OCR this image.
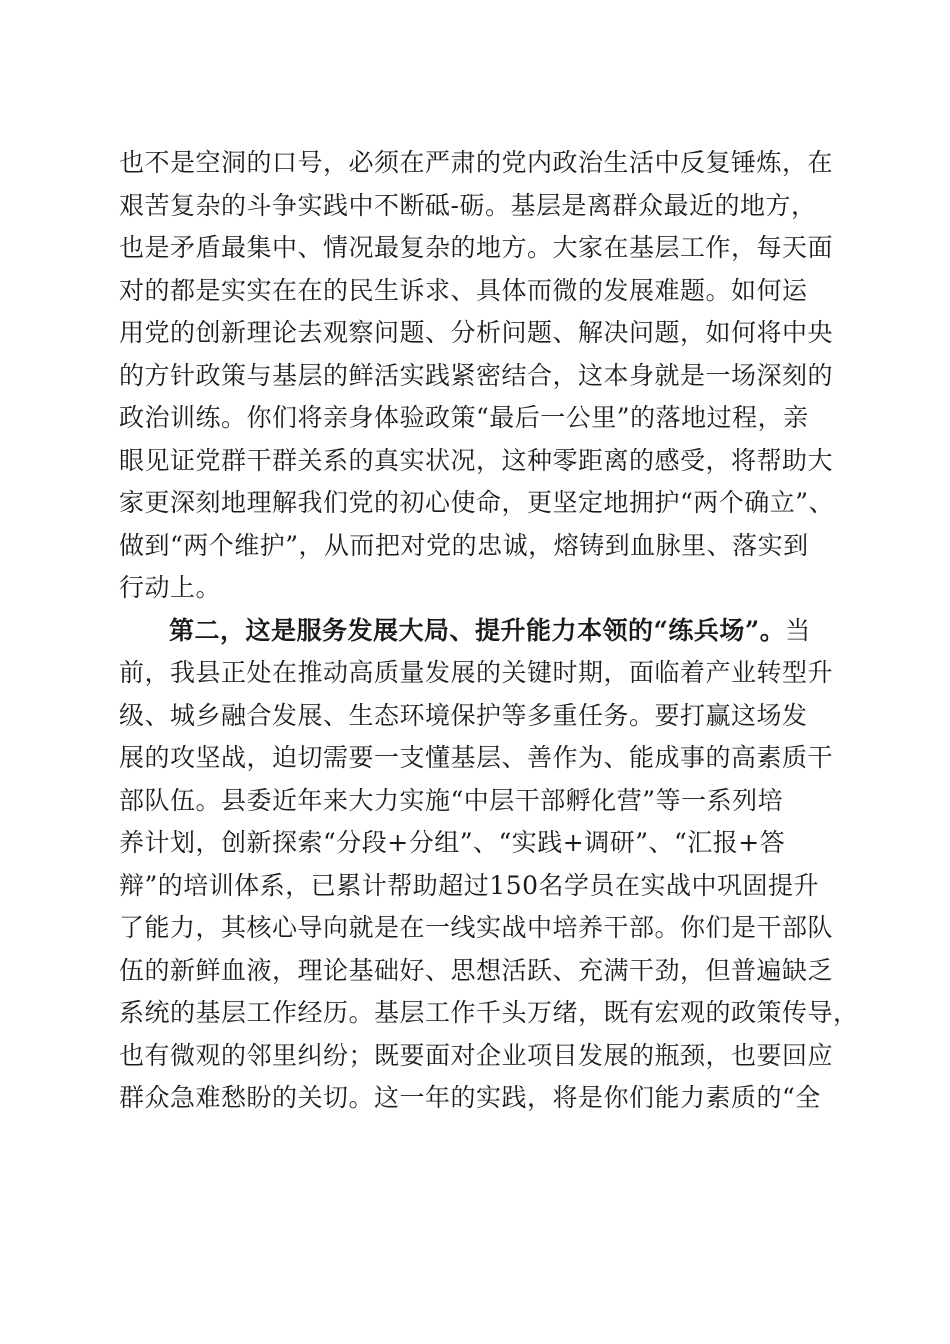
也不是空洞的口号，必须在严肃的党内政治生活中反复锤炼，在
艰苦复杂的斗争实践中不断砥-砺。基层是离群众最近的地方，
也是矛盾最集中、情况最复杂的地方。大家在基层工作，每天面
对的都是实实在在的民生诉求、具体而微的发展难题。如何运
用党的创新理论去观察问题、分析问题、解决问题，如何将中央
的方针政策与基层的鲜活实践紧密结合，这本身就是一场深刻的
政治训练。你们将亲身体验政策“最后一公里”的落地过程，亲
眼见证党群干群关系的真实状况，这种零距离的感受，将帮助大
家更深刻地理解我们党的初心使命，更坚定地拥护“两个确立”、
做到“两个维护”，从而把对党的忠诚，熔铸到血脉里、落实到
行动上。
第二，这是服务发展大局、提升能力本领的“练兵场”。当
前，我县正处在推动高质量发展的关键时期，面临着产业转型升
级、城乡融合发展、生态环境保护等多重任务。要打赢这场发
展的攻坚战，迫切需要一支懂基层、善作为、能成事的高素质干
部队伍。县委近年来大力实施“中层干部孵化营”等一系列培
养计划，创新探索“分段+分组”、“实践+调研”、“汇报+答
辩”的培训体系，已累计帮助超过150名学员在实战中巩固提升
了能力，其核心导向就是在一线实战中培养干部。你们是干部队
伍的新鲜血液，理论基础好、思想活跃、充满干劲，但普遍缺乏
系统的基层工作经历。基层工作千头万绪，既有宏观的政策传导，
也有微观的邻里纠纷；既要面对企业项目发展的瓶颈，也要回应
群众急难愁盼的关切。这一年的实践，将是你们能力素质的“全
